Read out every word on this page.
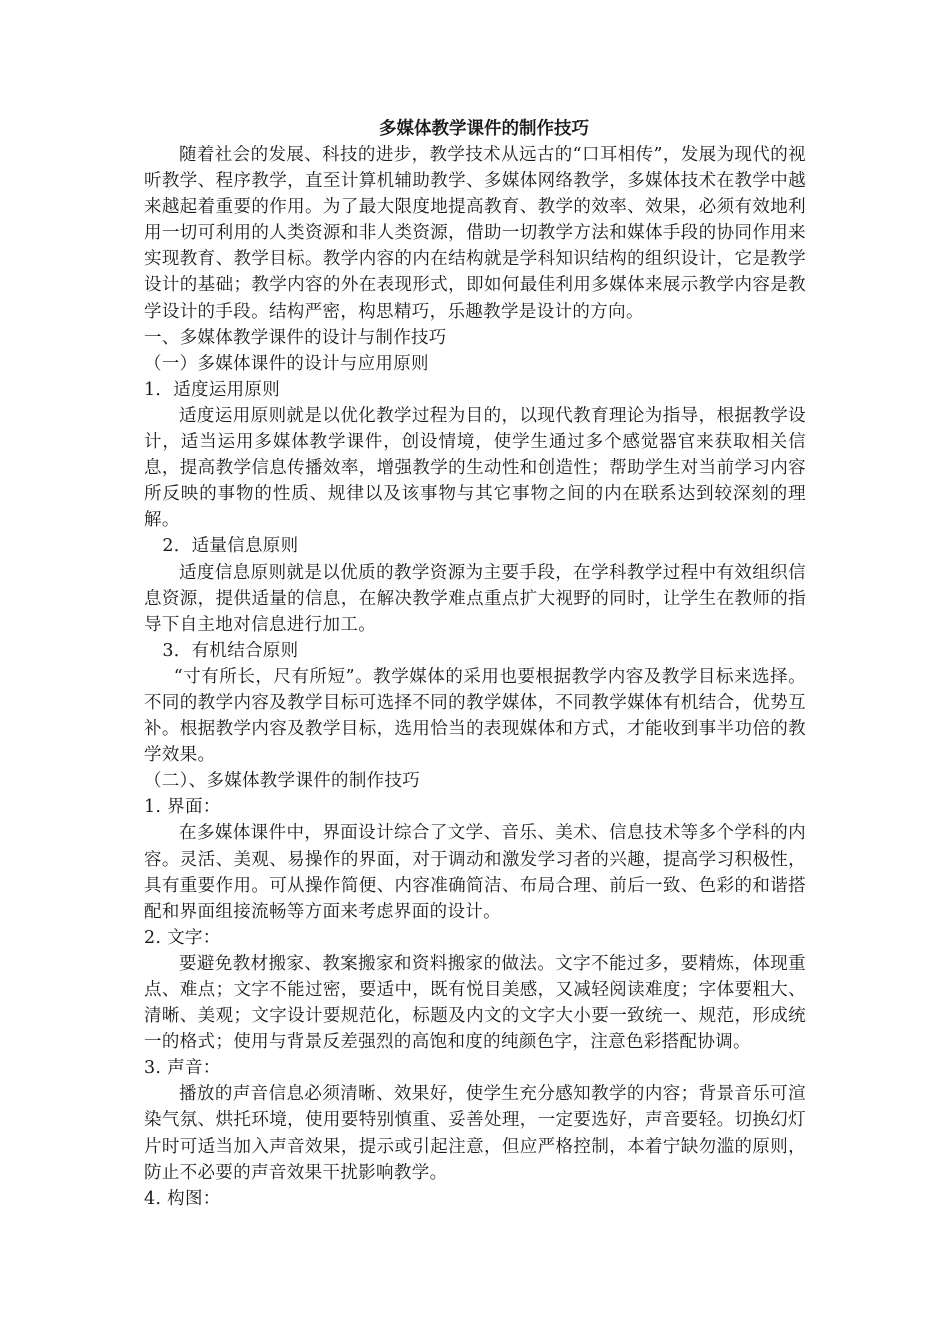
多媒体教学课件的制作技巧

随着社会的发展、科技的进步，教学技术从远古的“口耳相传”，发展为现代的视听教学、程序教学，直至计算机辅助教学、多媒体网络教学，多媒体技术在教学中越来越起着重要的作用。为了最大限度地提高教育、教学的效率、效果，必须有效地利用一切可利用的人类资源和非人类资源，借助一切教学方法和媒体手段的协同作用来实现教育、教学目标。教学内容的内在结构就是学科知识结构的组织设计，它是教学设计的基础；教学内容的外在表现形式，即如何最佳利用多媒体来展示教学内容是教学设计的手段。结构严密，构思精巧，乐趣教学是设计的方向。

一、多媒体教学课件的设计与制作技巧

（一）多媒体课件的设计与应用原则

1．适度运用原则

适度运用原则就是以优化教学过程为目的，以现代教育理论为指导，根据教学设计，适当运用多媒体教学课件，创设情境，使学生通过多个感觉器官来获取相关信息，提高教学信息传播效率，增强教学的生动性和创造性；帮助学生对当前学习内容所反映的事物的性质、规律以及该事物与其它事物之间的内在联系达到较深刻的理解。

2．适量信息原则

适度信息原则就是以优质的教学资源为主要手段，在学科教学过程中有效组织信息资源，提供适量的信息，在解决教学难点重点扩大视野的同时，让学生在教师的指导下自主地对信息进行加工。

3．有机结合原则

“寸有所长，尺有所短”。教学媒体的采用也要根据教学内容及教学目标来选择。不同的教学内容及教学目标可选择不同的教学媒体，不同教学媒体有机结合，优势互补。根据教学内容及教学目标，选用恰当的表现媒体和方式，才能收到事半功倍的教学效果。

（二）、多媒体教学课件的制作技巧

1. 界面：

在多媒体课件中，界面设计综合了文学、音乐、美术、信息技术等多个学科的内容。灵活、美观、易操作的界面，对于调动和激发学习者的兴趣，提高学习积极性，具有重要作用。可从操作简便、内容准确简洁、布局合理、前后一致、色彩的和谐搭配和界面组接流畅等方面来考虑界面的设计。

2. 文字：

要避免教材搬家、教案搬家和资料搬家的做法。文字不能过多，要精炼，体现重点、难点；文字不能过密，要适中，既有悦目美感，又减轻阅读难度；字体要粗大、清晰、美观；文字设计要规范化，标题及内文的文字大小要一致统一、规范，形成统一的格式；使用与背景反差强烈的高饱和度的纯颜色字，注意色彩搭配协调。

3. 声音：

播放的声音信息必须清晰、效果好，使学生充分感知教学的内容；背景音乐可渲染气氛、烘托环境，使用要特别慎重、妥善处理，一定要选好，声音要轻。切换幻灯片时可适当加入声音效果，提示或引起注意，但应严格控制，本着宁缺勿滥的原则，防止不必要的声音效果干扰影响教学。

4. 构图：
